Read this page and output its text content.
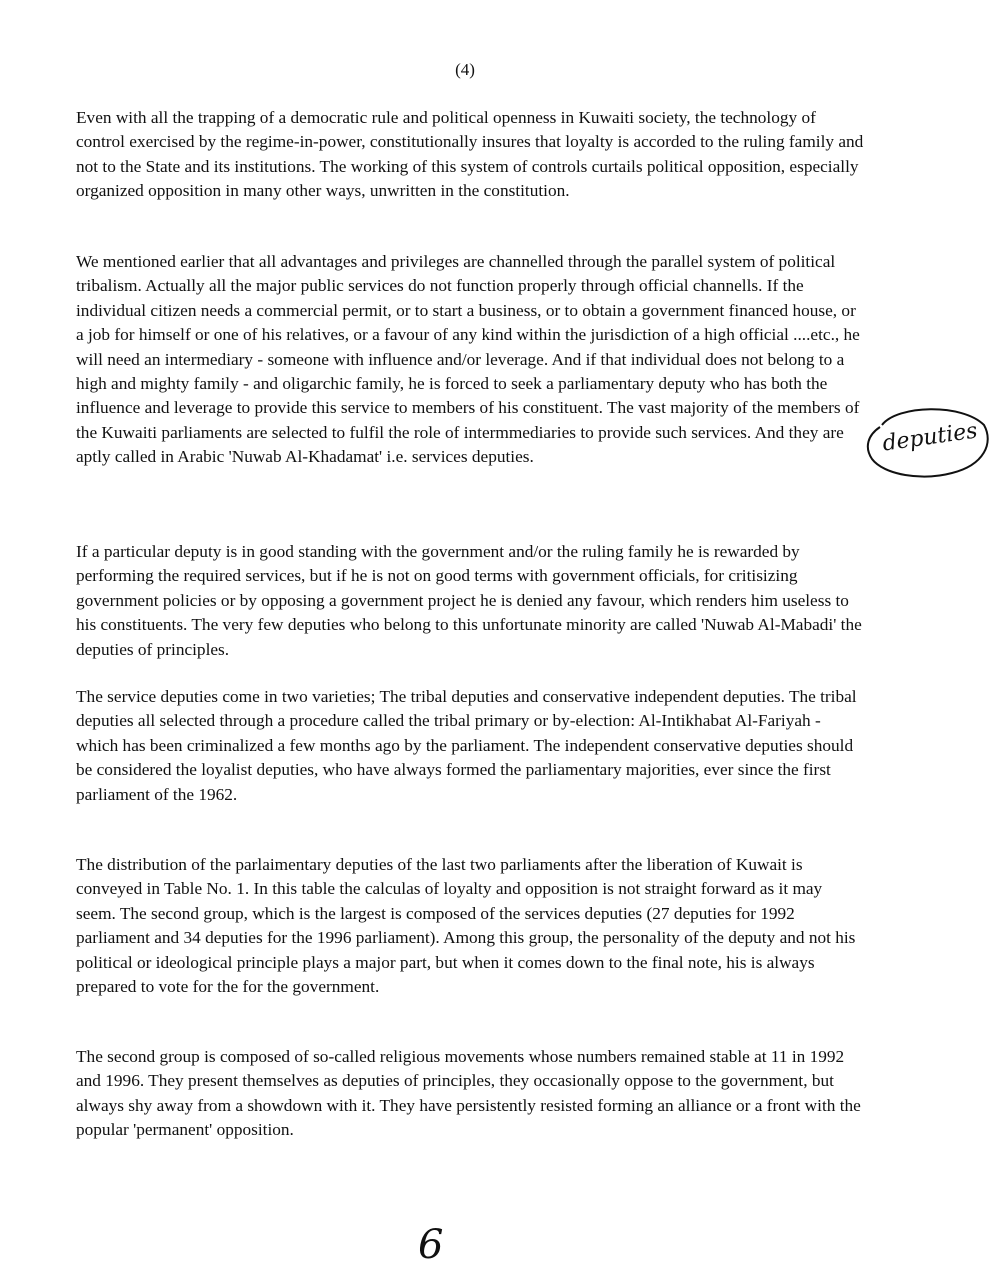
(4)

Even with all the trapping of a democratic rule and political openness in Kuwaiti society, the technology of control exercised by the regime-in-power, constitutionally insures that loyalty is accorded to the ruling family and not to the State and its institutions. The working of this system of controls curtails political opposition, especially organized opposition in many other ways, unwritten in the constitution.

We mentioned earlier that all advantages and privileges are channelled through the parallel system of political tribalism. Actually all the major public services do not function properly through official channells. If the individual citizen needs a commercial permit, or to start a business, or to obtain a government financed house, or a job for himself or one of his relatives, or a favour of any kind within the jurisdiction of a high official ....etc., he will need an intermediary - someone with influence and/or leverage. And if that individual does not belong to a high and mighty family - and oligarchic family, he is forced to seek a parliamentary deputy who has both the influence and leverage to provide this service to members of his constituent. The vast majority of the members of the Kuwaiti parliaments are selected to fulfil the role of intermmediaries to provide such services. And they are aptly called in Arabic 'Nuwab Al-Khadamat' i.e. services deputies.

If a particular deputy is in good standing with the government and/or the ruling family he is rewarded by performing the required services, but if he is not on good terms with government officials, for critisizing government policies or by opposing a government project he is denied any favour, which renders him useless to his constituents. The very few deputies who belong to this unfortunate minority are called 'Nuwab Al-Mabadi' the deputies of principles.

The service deputies come in two varieties; The tribal deputies and conservative independent deputies. The tribal deputies all selected through a procedure called the tribal primary or by-election: Al-Intikhabat Al-Fariyah - which has been criminalized a few months ago by the parliament. The independent conservative deputies should be considered the loyalist deputies, who have always formed the parliamentary majorities, ever since the first parliament of the 1962.

The distribution of the parlaimentary deputies of the last two parliaments after the liberation of Kuwait is conveyed in Table No. 1. In this table the calculas of loyalty and opposition is not straight forward as it may seem. The second group, which is the largest is composed of the services deputies (27 deputies for 1992 parliament and 34 deputies for the 1996 parliament). Among this group, the personality of the deputy and not his political or ideological principle plays a major part, but when it comes down to the final note, his is always prepared to vote for the for the government.

The second group is composed of so-called religious movements whose numbers remained stable at 11 in 1992 and 1996. They present themselves as deputies of principles, they occasionally oppose to the government, but always shy away from a showdown with it. They have persistently resisted forming an alliance or a front with the popular 'permanent' opposition.

deputies
6
